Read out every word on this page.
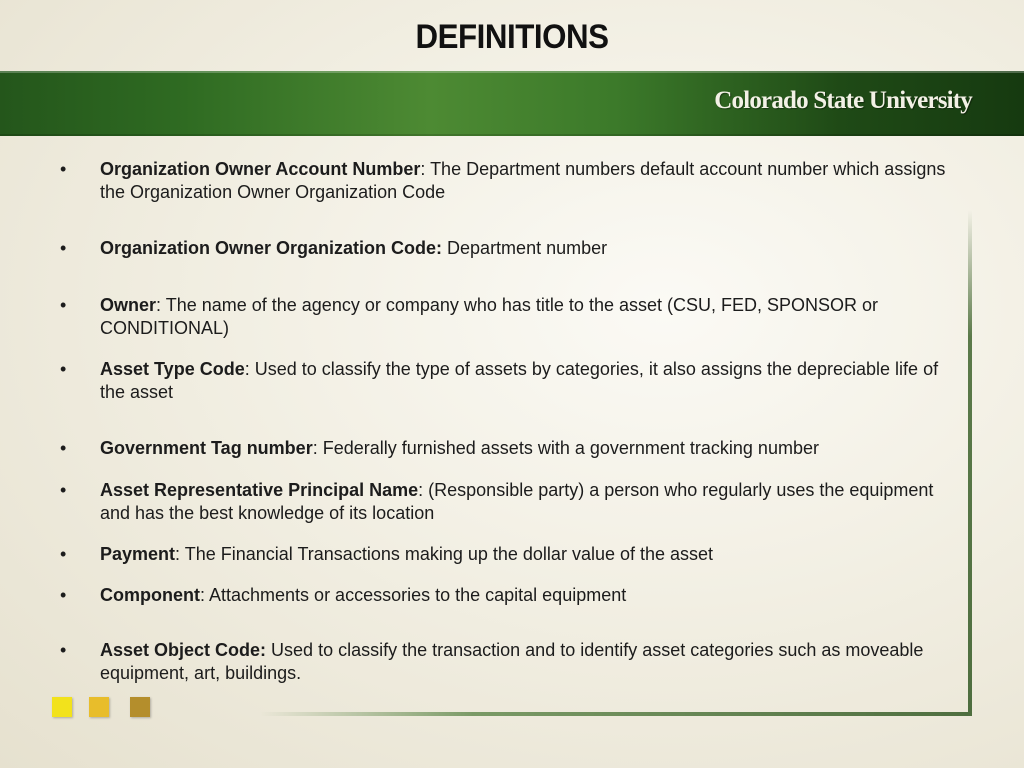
DEFINITIONS
Colorado State University
• Organization Owner Account Number: The Department numbers default account number which assigns the Organization Owner Organization Code
• Organization Owner Organization Code: Department number
• Owner: The name of the agency or company who has title to the asset (CSU, FED, SPONSOR or CONDITIONAL)
• Asset Type Code: Used to classify the type of assets by categories, it also assigns the depreciable life of the asset
• Government Tag number: Federally furnished assets with a government tracking number
• Asset Representative Principal Name: (Responsible party) a person who regularly uses the equipment and has the best knowledge of its location
• Payment: The Financial Transactions making up the dollar value of the asset
• Component: Attachments or accessories to the capital equipment
• Asset Object Code: Used to classify the transaction and to identify asset categories such as moveable equipment, art, buildings.
